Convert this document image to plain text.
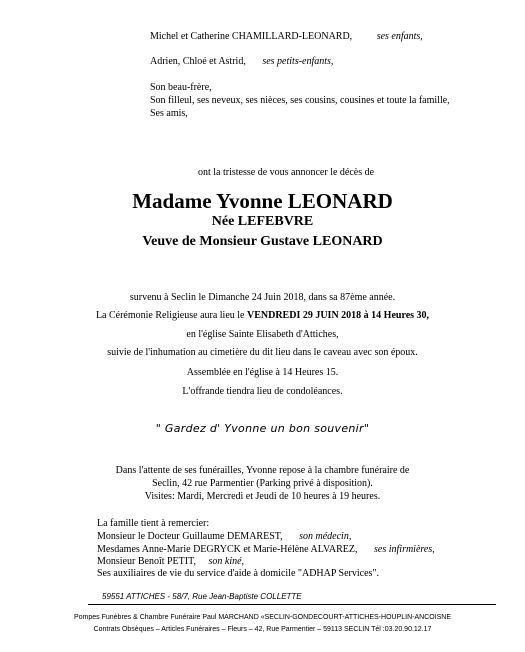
Michel et Catherine CHAMILLARD-LEONARD, ses enfants,
Adrien, Chloé et Astrid, ses petits-enfants,
Son beau-frère,
Son filleul, ses neveux, ses nièces, ses cousins, cousines et toute la famille,
Ses amis,
ont la tristesse de vous annoncer le décès de
Madame Yvonne LEONARD
Née LEFEBVRE
Veuve de Monsieur Gustave LEONARD
survenu à Seclin le Dimanche 24 Juin 2018, dans sa 87ème année.
La Cérémonie Religieuse aura lieu le VENDREDI 29 JUIN 2018 à 14 Heures 30,
en l'église Sainte Elisabeth d'Attiches,
suivie de l'inhumation au cimetière du dit lieu dans le caveau avec son époux.
Assemblée en l'église à 14 Heures 15.
L'offrande tiendra lieu de condoléances.
" Gardez d' Yvonne un bon souvenir"
Dans l'attente de ses funérailles, Yvonne repose à la chambre funéraire de
Seclin, 42 rue Parmentier (Parking privé à disposition).
Visites: Mardi, Mercredi et Jeudi de 10 heures à 19 heures.
La famille tient à remercier:
Monsieur le Docteur Guillaume DEMAREST, son médecin,
Mesdames Anne-Marie DEGRYCK et Marie-Hélène ALVAREZ, ses infirmières,
Monsieur Benoît PETIT, son kiné,
Ses auxiliaires de vie du service d'aide à domicile "ADHAP Services".
59551 ATTICHES - 58/7, Rue Jean-Baptiste COLLETTE
Pompes Funèbres & Chambre Funéraire Paul MARCHAND «SECLIN-GONDECOURT-ATTICHES-HOUPLIN-ANCOISNE
Contrats Obsèques – Articles Funéraires – Fleurs – 42, Rue Parmentier – 59113 SECLIN Tél :03.20.90.12.17
